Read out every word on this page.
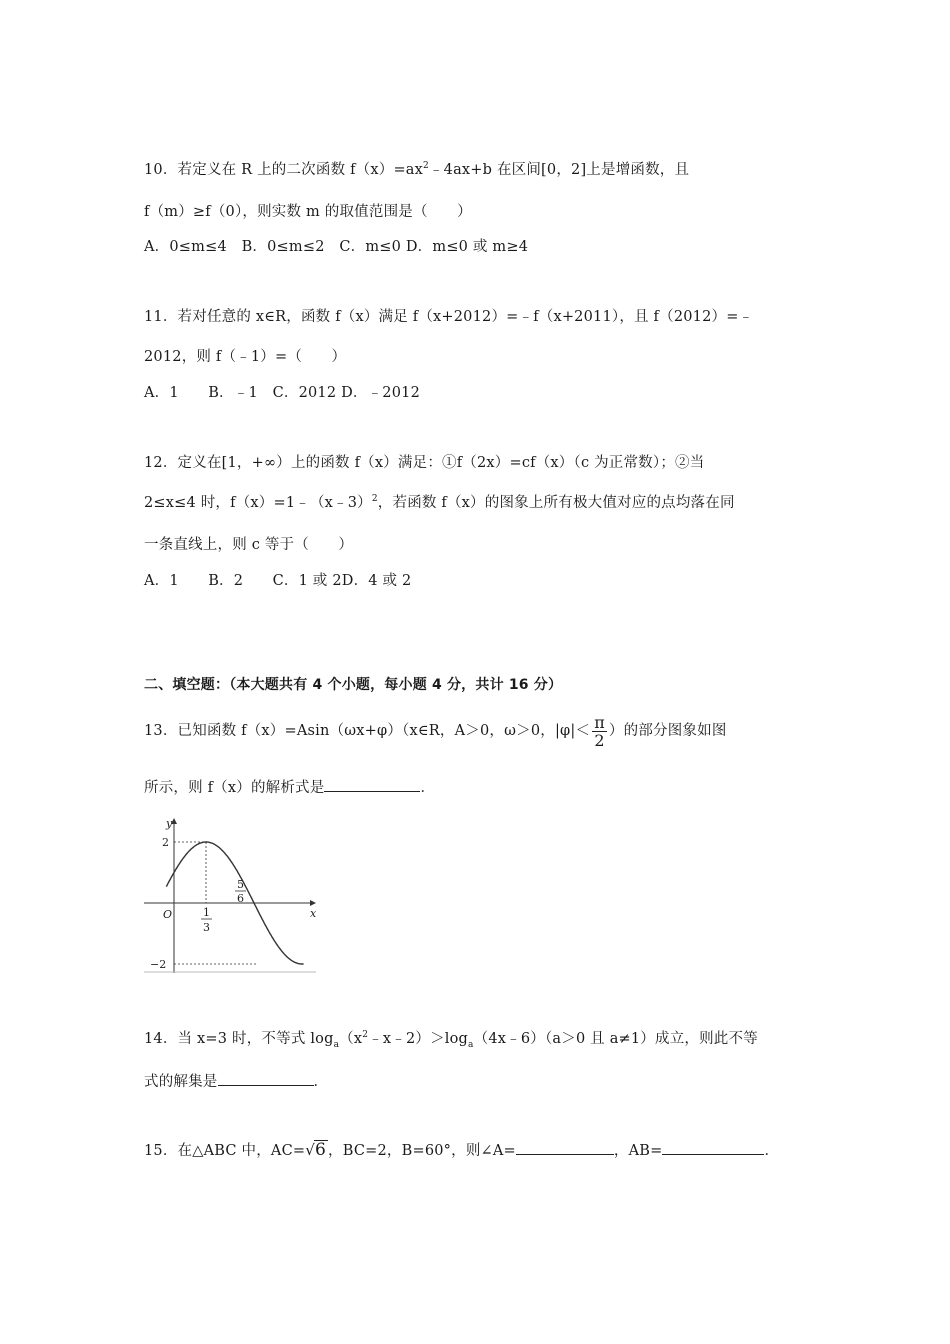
10．若定义在 R 上的二次函数 $f(x)=ax^2﹣4ax+b$ 在区间[0，2]上是增函数，且

f（m）≥f（0），则实数 m 的取值范围是（　　）

A．0≤m≤4　B．0≤m≤2　C．m≤0 D．m≤0 或 m≥4

11．若对任意的 x∈R，函数 f（x）满足 f（x+2012）=﹣f（x+2011），且 f（2012）=﹣

2012，则 f（﹣1）=（　　）

A．1　　B．﹣1　C．2012 D．﹣2012

12．定义在[1，+∞）上的函数 f（x）满足：①f（2x）=cf（x）（c 为正常数）；②当

2≤x≤4 时，f（x）=1﹣（x﹣3）$^2$，若函数 f（x）的图象上所有极大值对应的点均落在同

一条直线上，则 c 等于（　　）

A．1　　B．2　　C．1 或 2D．4 或 2

二、填空题：（本大题共有 4 个小题，每小题 4 分，共计 16 分）

13．已知函数 f（x）=Asin（ωx+φ）（x∈R，A＞0，ω＞0，$|\varphi|< \frac{\pi}{2}$ ）的部分图象如图

所示，则 f（x）的解析式是	．

y
x
O
2
−2
1
3
5
6

14．当 x=3 时，不等式 $\log_a(x^2﹣x﹣2)>\log_a(4x﹣6)(a>0$ 且 a≠1）成立，则此不等

式的解集是	．

15．在△ABC 中，AC=√6 ，BC=2，B=60°，则∠A=	，AB=	．
